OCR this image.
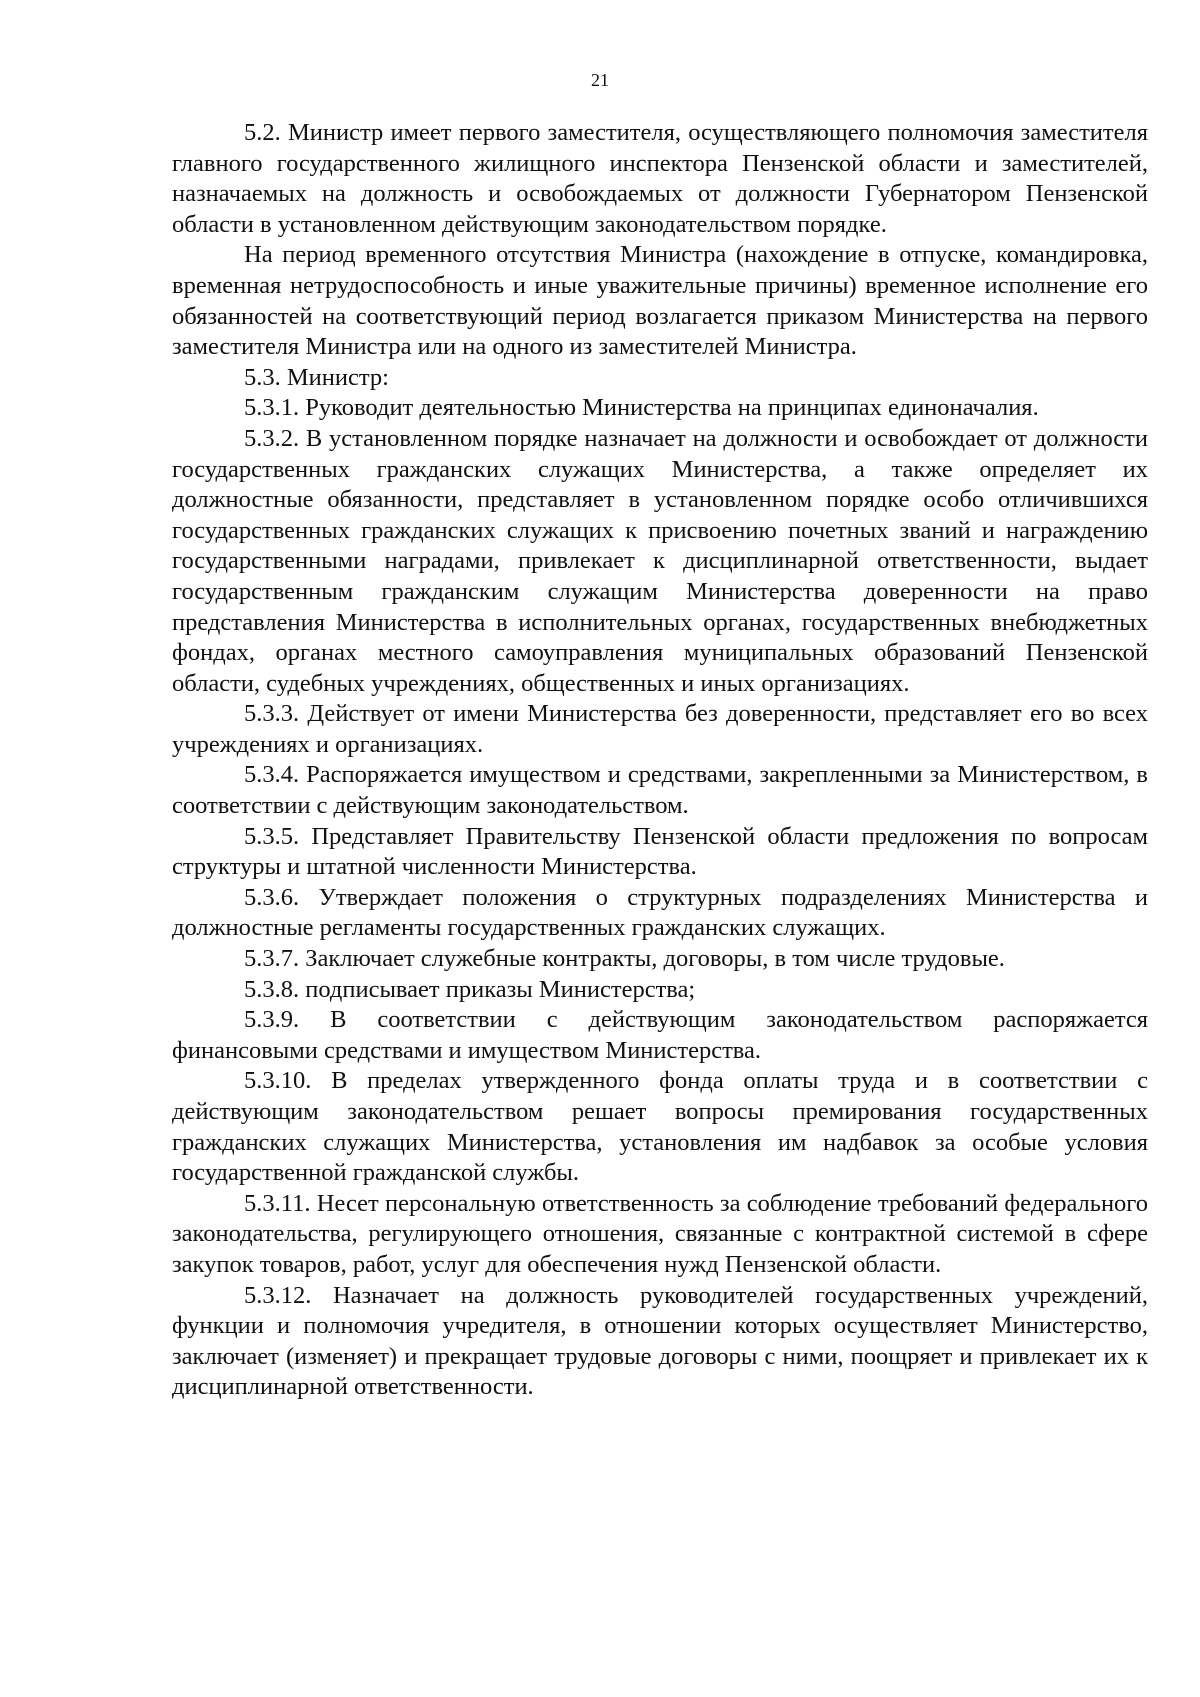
21

5.2. Министр имеет первого заместителя, осуществляющего полномочия заместителя главного государственного жилищного инспектора Пензенской области и заместителей, назначаемых на должность и освобождаемых от должности Губернатором Пензенской области в установленном действующим законодательством порядке.

На период временного отсутствия Министра (нахождение в отпуске, командировка, временная нетрудоспособность и иные уважительные причины) временное исполнение его обязанностей на соответствующий период возлагается приказом Министерства на первого заместителя Министра или на одного из заместителей Министра.

5.3. Министр:

5.3.1. Руководит деятельностью Министерства на принципах единоначалия.

5.3.2. В установленном порядке назначает на должности и освобождает от должности государственных гражданских служащих Министерства, а также определяет их должностные обязанности, представляет в установленном порядке особо отличившихся государственных гражданских служащих к присвоению почетных званий и награждению государственными наградами, привлекает к дисциплинарной ответственности, выдает государственным гражданским служащим Министерства доверенности на право представления Министерства в исполнительных органах, государственных внебюджетных фондах, органах местного самоуправления муниципальных образований Пензенской области, судебных учреждениях, общественных и иных организациях.

5.3.3. Действует от имени Министерства без доверенности, представляет его во всех учреждениях и организациях.

5.3.4. Распоряжается имуществом и средствами, закрепленными за Министерством, в соответствии с действующим законодательством.

5.3.5. Представляет Правительству Пензенской области предложения по вопросам структуры и штатной численности Министерства.

5.3.6. Утверждает положения о структурных подразделениях Министерства и должностные регламенты государственных гражданских служащих.

5.3.7. Заключает служебные контракты, договоры, в том числе трудовые.

5.3.8. подписывает приказы Министерства;

5.3.9. В соответствии с действующим законодательством распоряжается финансовыми средствами и имуществом Министерства.

5.3.10. В пределах утвержденного фонда оплаты труда и в соответствии с действующим законодательством решает вопросы премирования государственных гражданских служащих Министерства, установления им надбавок за особые условия государственной гражданской службы.

5.3.11. Несет персональную ответственность за соблюдение требований федерального законодательства, регулирующего отношения, связанные с контрактной системой в сфере закупок товаров, работ, услуг для обеспечения нужд Пензенской области.

5.3.12. Назначает на должность руководителей государственных учреждений, функции и полномочия учредителя, в отношении которых осуществляет Министерство, заключает (изменяет) и прекращает трудовые договоры с ними, поощряет и привлекает их к дисциплинарной ответственности.
